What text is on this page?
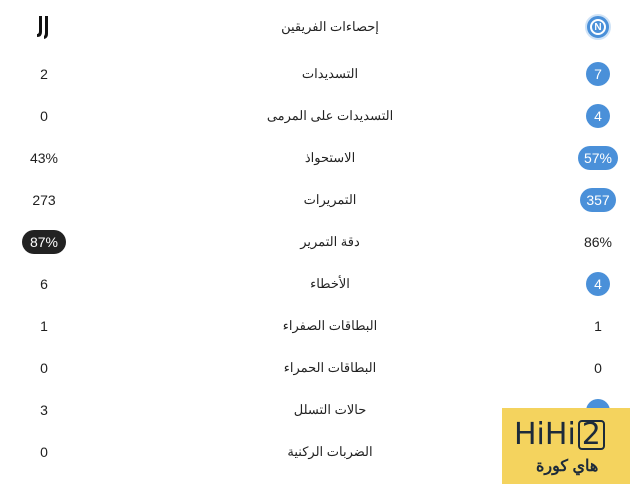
إحصاءات الفريقين	N
2	التسديدات	7
0	التسديدات على المرمى	4
43%	الاستحواذ	57%
273	التمريرات	357
87%	دقة التمرير	86%
6	الأخطاء	4
1	البطاقات الصفراء	1
0	البطاقات الحمراء	0
3	حالات التسلل
0	الضربات الركنية	HiHi 2
هاي كورة
